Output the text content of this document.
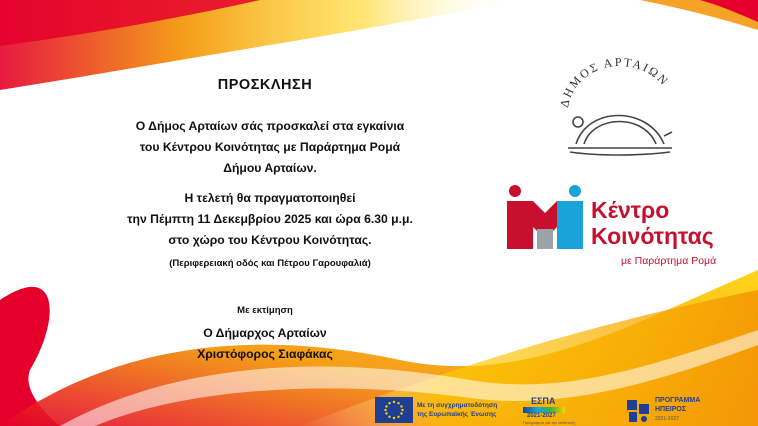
ΠΡΟΣΚΛΗΣΗ
Ο Δήμος Αρταίων σάς προσκαλεί στα εγκαίνια
του Κέντρου Κοινότητας με Παράρτημα Ρομά
Δήμου Αρταίων.
Η τελετή θα πραγματοποιηθεί
την Πέμπτη 11 Δεκεμβρίου 2025 και ώρα 6.30 μ.μ.
στο χώρο του Κέντρου Κοινότητας.
(Περιφερειακή οδός και Πέτρου Γαρουφαλιά)
Με εκτίμηση
Ο Δήμαρχος Αρταίων
Χριστόφορος Σιαφάκας
ΔΗΜΟΣ ΑΡΤΑΙΩΝ
Κέντρο
Κοινότητας
με Παράρτημα Ρομά
Με τη συγχρηματοδότηση
της Ευρωπαϊκής Ένωσης
ΕΣΠΑ
2021-2027
Πρόγραμμα για την ανάπτυξη
ΠΡΟΓΡΑΜΜΑ
ΗΠΕΙΡΟΣ
2021-2027
